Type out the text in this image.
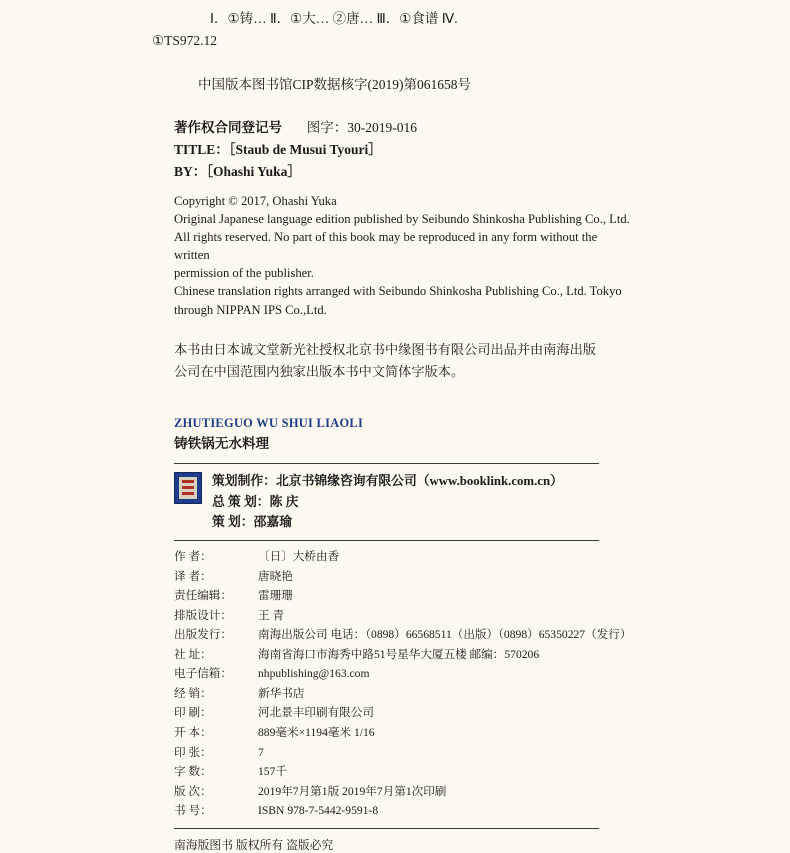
Ⅰ．①铸… Ⅱ．①大… ②唐… Ⅲ．①食谱 Ⅳ.
①TS972.12
中国版本图书馆CIP数据核字(2019)第061658号
著作权合同登记号 图字：30-2019-016
TITLE：［Staub de Musui Tyouri］
BY：［Ohashi Yuka］
Copyright © 2017, Ohashi Yuka
Original Japanese language edition published by Seibundo Shinkosha Publishing Co., Ltd.
All rights reserved. No part of this book may be reproduced in any form without the written
permission of the publisher.
Chinese translation rights arranged with Seibundo Shinkosha Publishing Co., Ltd. Tokyo
through NIPPAN IPS Co.,Ltd.
本书由日本诚文堂新光社授权北京书中缘图书有限公司出品并由南海出版公司在中国范围内独家出版本书中文简体字版本。
ZHUTIEGUO WU SHUI LIAOLI
铸铁锅无水料理
策划制作：北京书锦缘咨询有限公司（www.booklink.com.cn）
总 策 划：陈 庆
策 划：邵嘉瑜
作 者：	〔日〕大桥由香
译 者：	唐晓艳
责任编辑： 雷珊珊
排版设计： 王 青
出版发行： 南海出版公司 电话：（0898）66568511（出版）（0898）65350227（发行）
社 址：	海南省海口市海秀中路51号星华大厦五楼 邮编：570206
电子信箱： nhpublishing@163.com
经 销：	新华书店
印 刷：	河北景丰印刷有限公司
开 本：	889毫米×1194毫米 1/16
印 张：	7
字 数：	157千
版 次：	2019年7月第1版 2019年7月第1次印刷
书 号：	ISBN 978-7-5442-9591-8
南海版图书 版权所有 盗版必究
